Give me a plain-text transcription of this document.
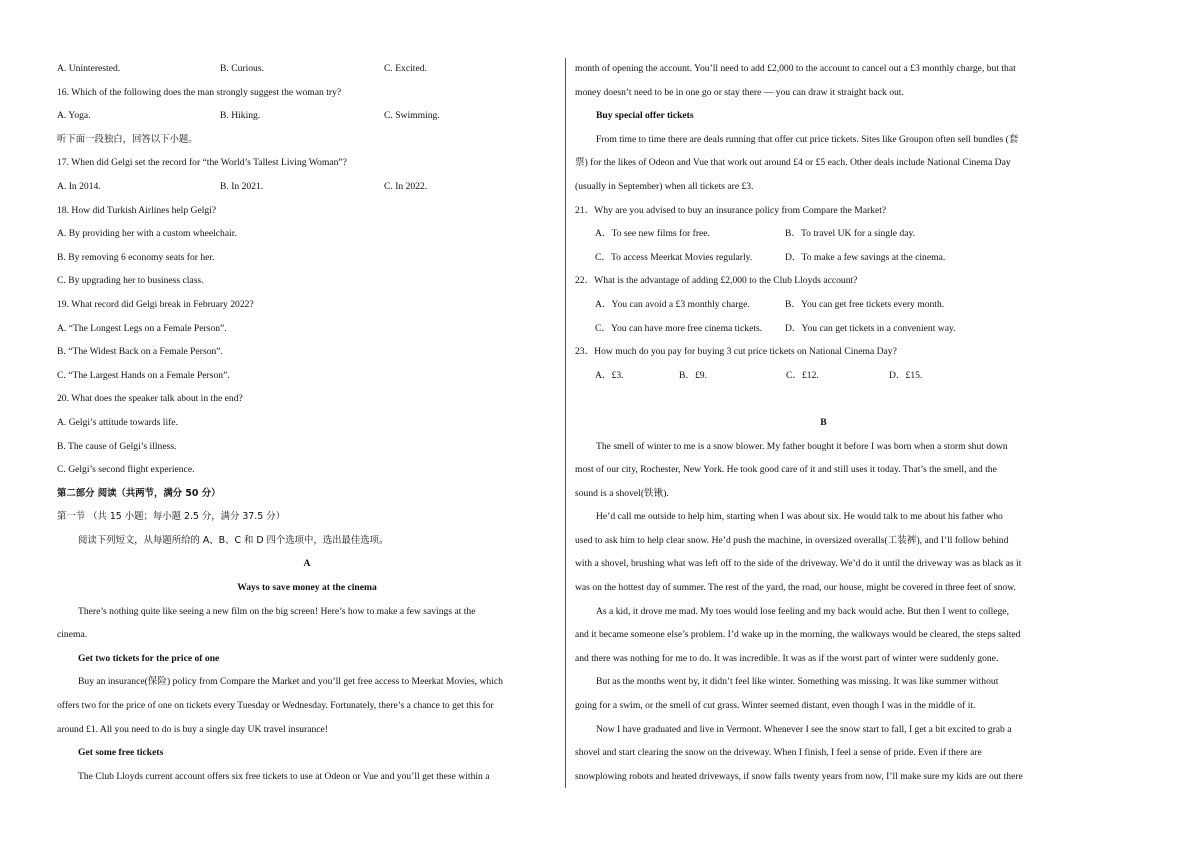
A. Uninterested.	B. Curious.	C. Excited.
16. Which of the following does the man strongly suggest the woman try?
A. Yoga.	B. Hiking.	C. Swimming.
听下面一段独白，回答以下小题。
17. When did Gelgi set the record for “the World’s Tallest Living Woman”?
A. In 2014.	B. In 2021.	C. In 2022.
18. How did Turkish Airlines help Gelgi?
A. By providing her with a custom wheelchair.
B. By removing 6 economy seats for her.
C. By upgrading her to business class.
19. What record did Gelgi break in February 2022?
A. “The Longest Legs on a Female Person”.
B. “The Widest Back on a Female Person”.
C. “The Largest Hands on a Female Person”.
20. What does the speaker talk about in the end?
A. Gelgi’s attitude towards life.
B. The cause of Gelgi’s illness.
C. Gelgi’s second flight experience.
第二部分 阅读（共两节，满分 50 分）
第一节 （共 15 小题；每小题 2.5 分，满分 37.5 分）
阅读下列短文，从每题所给的 A、B、C 和 D 四个选项中，选出最佳选项。
A
Ways to save money at the cinema
There’s nothing quite like seeing a new film on the big screen! Here’s how to make a few savings at the
cinema.
Get two tickets for the price of one
Buy an insurance(保险) policy from Compare the Market and you’ll get free access to Meerkat Movies, which
offers two for the price of one on tickets every Tuesday or Wednesday. Fortunately, there’s a chance to get this for
around £1. All you need to do is buy a single day UK travel insurance!
Get some free tickets
The Club Lloyds current account offers six free tickets to use at Odeon or Vue and you’ll get these within a
month of opening the account. You’ll need to add £2,000 to the account to cancel out a £3 monthly charge, but that
money doesn’t need to be in one go or stay there — you can draw it straight back out.
Buy special offer tickets
From time to time there are deals running that offer cut price tickets. Sites like Groupon often sell bundles (套
票) for the likes of Odeon and Vue that work out around £4 or £5 each. Other deals include National Cinema Day
(usually in September) when all tickets are £3.
21．Why are you advised to buy an insurance policy from Compare the Market?
A．To see new films for free.	B．To travel UK for a single day.
C．To access Meerkat Movies regularly.	D．To make a few savings at the cinema.
22．What is the advantage of adding £2,000 to the Club Lloyds account?
A．You can avoid a £3 monthly charge.	B．You can get free tickets every month.
C．You can have more free cinema tickets.	D．You can get tickets in a convenient way.
23．How much do you pay for buying 3 cut price tickets on National Cinema Day?
A．£3.	B．£9.	C．£12.	D．£15.
B
The smell of winter to me is a snow blower. My father bought it before I was born when a storm shut down
most of our city, Rochester, New York. He took good care of it and still uses it today. That’s the smell, and the
sound is a shovel(铁锹).
He’d call me outside to help him, starting when I was about six. He would talk to me about his father who
used to ask him to help clear snow. He’d push the machine, in oversized overalls(工装裤), and I’ll follow behind
with a shovel, brushing what was left off to the side of the driveway. We’d do it until the driveway was as black as it
was on the hottest day of summer. The rest of the yard, the road, our house, might be covered in three feet of snow.
As a kid, it drove me mad. My toes would lose feeling and my back would ache. But then I went to college,
and it became someone else’s problem. I’d wake up in the morning, the walkways would be cleared, the steps salted
and there was nothing for me to do. It was incredible. It was as if the worst part of winter were suddenly gone.
But as the months went by, it didn’t feel like winter. Something was missing. It was like summer without
going for a swim, or the smell of cut grass. Winter seemed distant, even though I was in the middle of it.
Now I have graduated and live in Vermont. Whenever I see the snow start to fall, I get a bit excited to grab a
shovel and start clearing the snow on the driveway. When I finish, I feel a sense of pride. Even if there are
snowplowing robots and heated driveways, if snow falls twenty years from now, I’ll make sure my kids are out there
